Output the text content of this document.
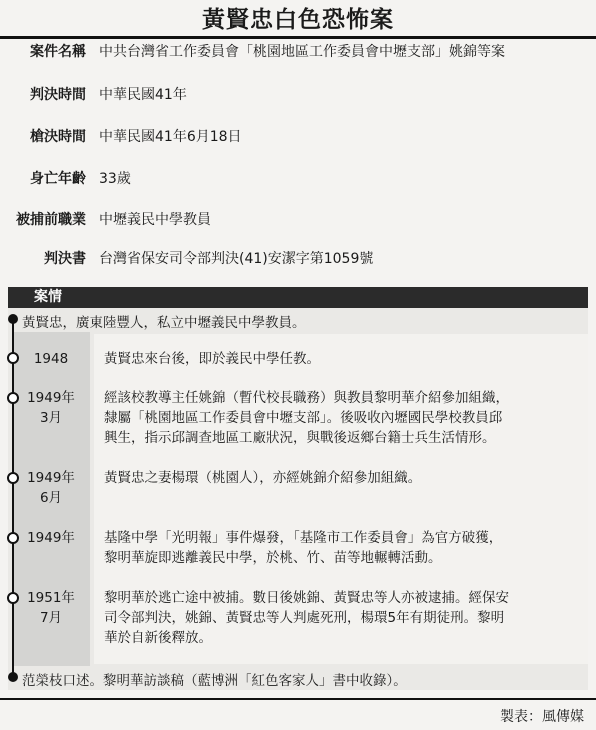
黃賢忠白色恐怖案
案件名稱 中共台灣省工作委員會「桃園地區工作委員會中壢支部」姚錦等案
判決時間 中華民國41年
槍決時間 中華民國41年6月18日
身亡年齡 33歲
被捕前職業 中壢義民中學教員
判決書 台灣省保安司令部判決(41)安潔字第1059號
案情
黃賢忠，廣東陸豐人，私立中壢義民中學教員。
1948	黃賢忠來台後，即於義民中學任教。
1949年
3月
經該校教導主任姚錦（暫代校長職務）與教員黎明華介紹參加組織，
隸屬「桃園地區工作委員會中壢支部」。後吸收內壢國民學校教員邱
興生，指示邱調查地區工廠狀況，與戰後返鄉台籍士兵生活情形。
1949年
6月
黃賢忠之妻楊環（桃園人），亦經姚錦介紹參加組織。
1949年	基隆中學「光明報」事件爆發，「基隆市工作委員會」為官方破獲，
黎明華旋即逃離義民中學，於桃、竹、苗等地輾轉活動。
1951年
7月
黎明華於逃亡途中被捕。數日後姚錦、黃賢忠等人亦被逮捕。經保安
司令部判決，姚錦、黃賢忠等人判處死刑，楊環5年有期徒刑。黎明
華於自新後釋放。
范榮枝口述。黎明華訪談稿（藍博洲「紅色客家人」書中收錄）。
製表：風傳媒
